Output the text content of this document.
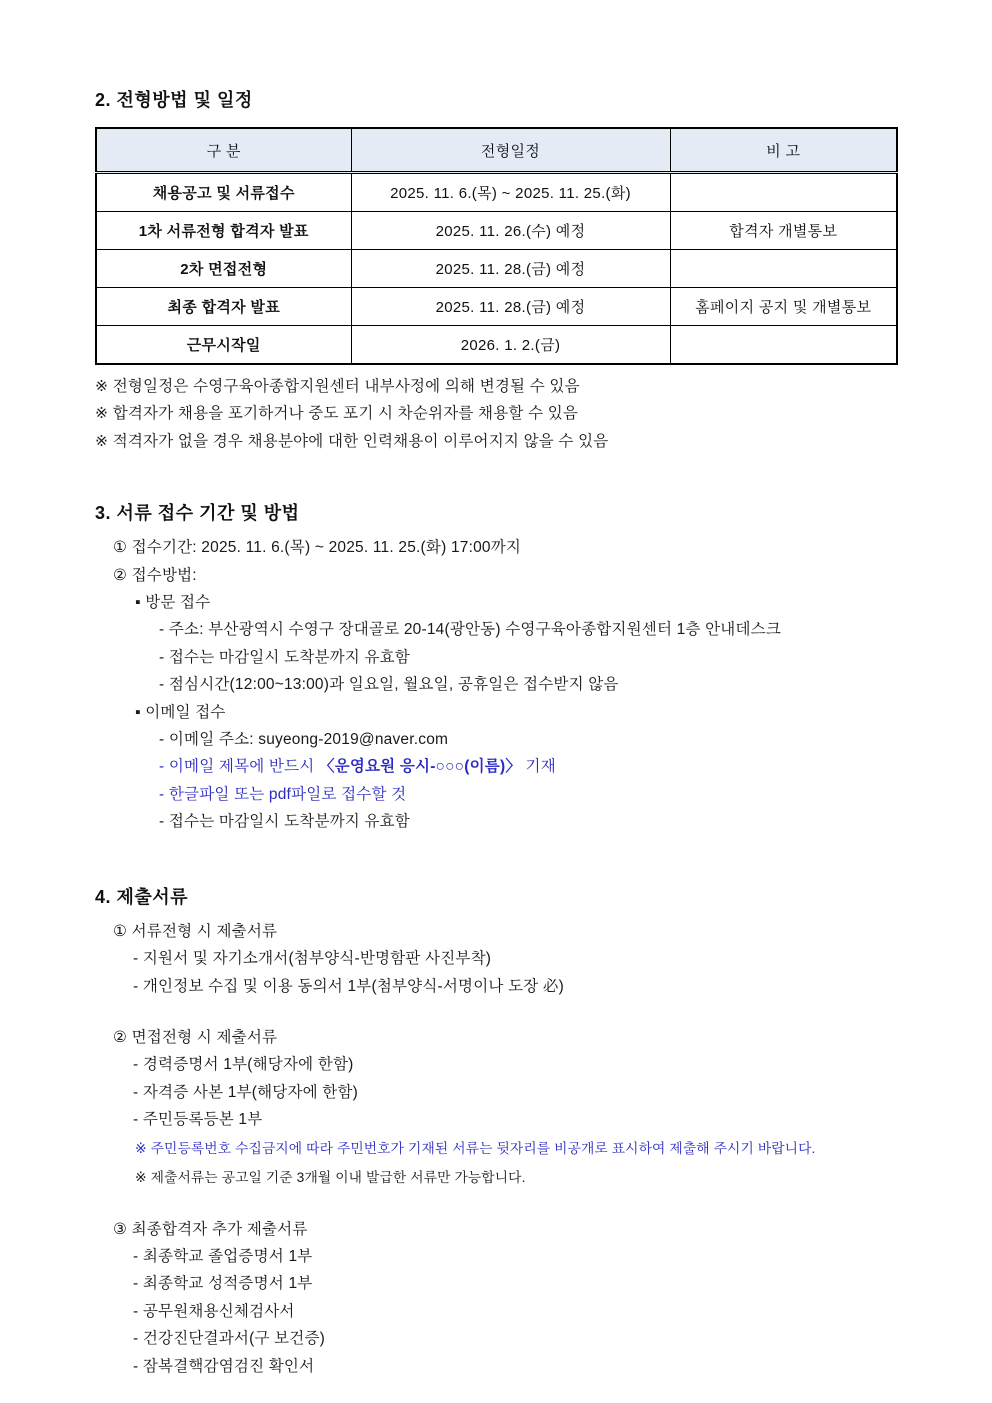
2. 전형방법 및 일정
구 분	전형일정	비 고
채용공고 및 서류접수	2025. 11. 6.(목) ~ 2025. 11. 25.(화)	
1차 서류전형 합격자 발표	2025. 11. 26.(수) 예정	합격자 개별통보
2차 면접전형	2025. 11. 28.(금) 예정	
최종 합격자 발표	2025. 11. 28.(금) 예정	홈페이지 공지 및 개별통보
근무시작일	2026. 1. 2.(금)	
※ 전형일정은 수영구육아종합지원센터 내부사정에 의해 변경될 수 있음
※ 합격자가 채용을 포기하거나 중도 포기 시 차순위자를 채용할 수 있음
※ 적격자가 없을 경우 채용분야에 대한 인력채용이 이루어지지 않을 수 있음
3. 서류 접수 기간 및 방법
① 접수기간: 2025. 11. 6.(목) ~ 2025. 11. 25.(화) 17:00까지
② 접수방법:
▪ 방문 접수
- 주소: 부산광역시 수영구 장대골로 20-14(광안동) 수영구육아종합지원센터 1층 안내데스크
- 접수는 마감일시 도착분까지 유효함
- 점심시간(12:00~13:00)과 일요일, 월요일, 공휴일은 접수받지 않음
▪ 이메일 접수
- 이메일 주소: suyeong-2019@naver.com
- 이메일 제목에 반드시 〈운영요원 응시-○○○(이름)〉 기재
- 한글파일 또는 pdf파일로 접수할 것
- 접수는 마감일시 도착분까지 유효함
4. 제출서류
① 서류전형 시 제출서류
- 지원서 및 자기소개서(첨부양식-반명함판 사진부착)
- 개인정보 수집 및 이용 동의서 1부(첨부양식-서명이나 도장 必)
② 면접전형 시 제출서류
- 경력증명서 1부(해당자에 한함)
- 자격증 사본 1부(해당자에 한함)
- 주민등록등본 1부
※ 주민등록번호 수집금지에 따라 주민번호가 기재된 서류는 뒷자리를 비공개로 표시하여 제출해 주시기 바랍니다.
※ 제출서류는 공고일 기준 3개월 이내 발급한 서류만 가능합니다.
③ 최종합격자 추가 제출서류
- 최종학교 졸업증명서 1부
- 최종학교 성적증명서 1부
- 공무원채용신체검사서
- 건강진단결과서(구 보건증)
- 잠복결핵감염검진 확인서
